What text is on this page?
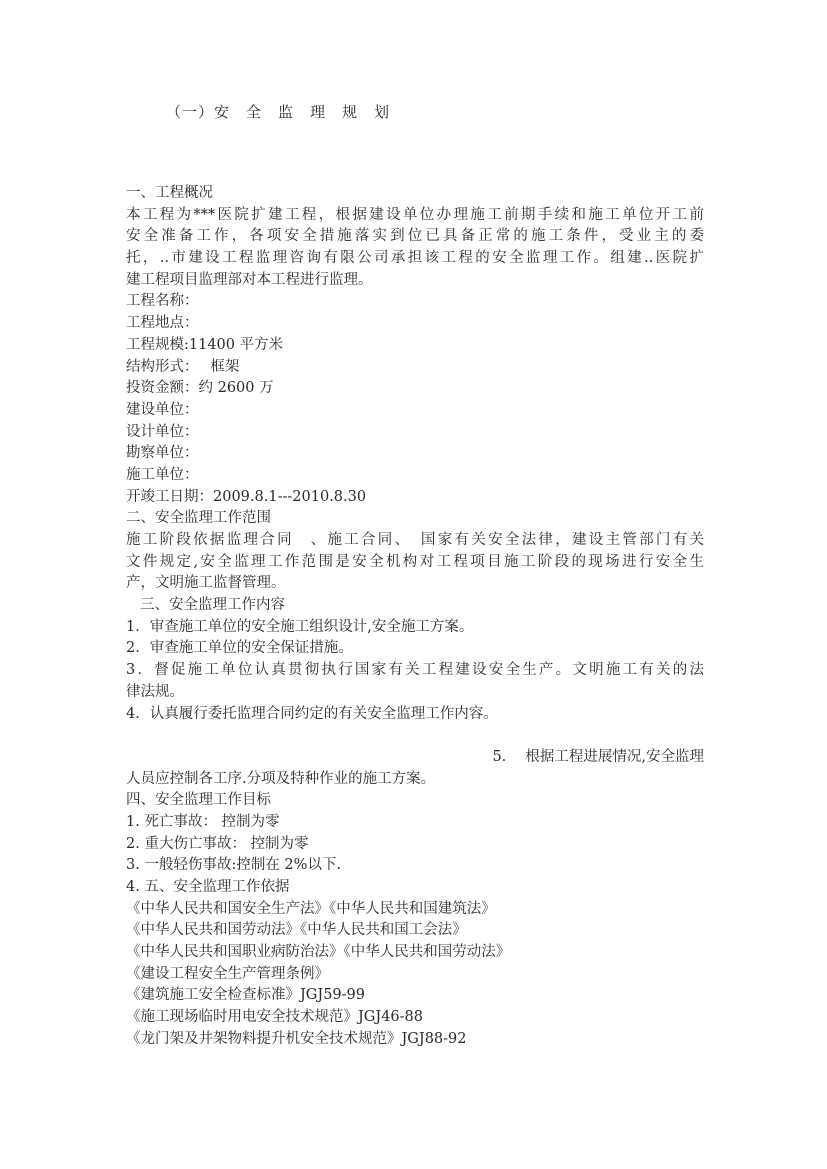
（一）安　全　监　理　规　划
一、工程概况
本工程为***医院扩建工程，根据建设单位办理施工前期手续和施工单位开工前
安全准备工作，各项安全措施落实到位已具备正常的施工条件，受业主的委
托，..市建设工程监理咨询有限公司承担该工程的安全监理工作。组建..医院扩
建工程项目监理部对本工程进行监理。
工程名称：
工程地点：
工程规模:11400 平方米
结构形式：　 框架
投资金额：约 2600 万
建设单位：
设计单位：
勘察单位：
施工单位：
开竣工日期：2009.8.1---2010.8.30
二、安全监理工作范围
施工阶段依据监理合同　、施工合同、　国家有关安全法律，建设主管部门有关
文件规定,安全监理工作范围是安全机构对工程项目施工阶段的现场进行安全生
产，文明施工监督管理。
三、安全监理工作内容
1．审查施工单位的安全施工组织设计,安全施工方案。
2．审查施工单位的安全保证措施。
3．督促施工单位认真贯彻执行国家有关工程建设安全生产。文明施工有关的法
律法规。
4．认真履行委托监理合同约定的有关安全监理工作内容。
5.　 根据工程进展情况,安全监理
人员应控制各工序.分项及特种作业的施工方案。
四、安全监理工作目标
1. 死亡事故： 控制为零
2. 重大伤亡事故： 控制为零
3. 一般轻伤事故:控制在 2%以下.
4. 五、安全监理工作依据
《中华人民共和国安全生产法》《中华人民共和国建筑法》
《中华人民共和国劳动法》《中华人民共和国工会法》
《中华人民共和国职业病防治法》《中华人民共和国劳动法》
《建设工程安全生产管理条例》
《建筑施工安全检查标准》JGJ59-99
《施工现场临时用电安全技术规范》JGJ46-88
《龙门架及井架物料提升机安全技术规范》JGJ88-92
